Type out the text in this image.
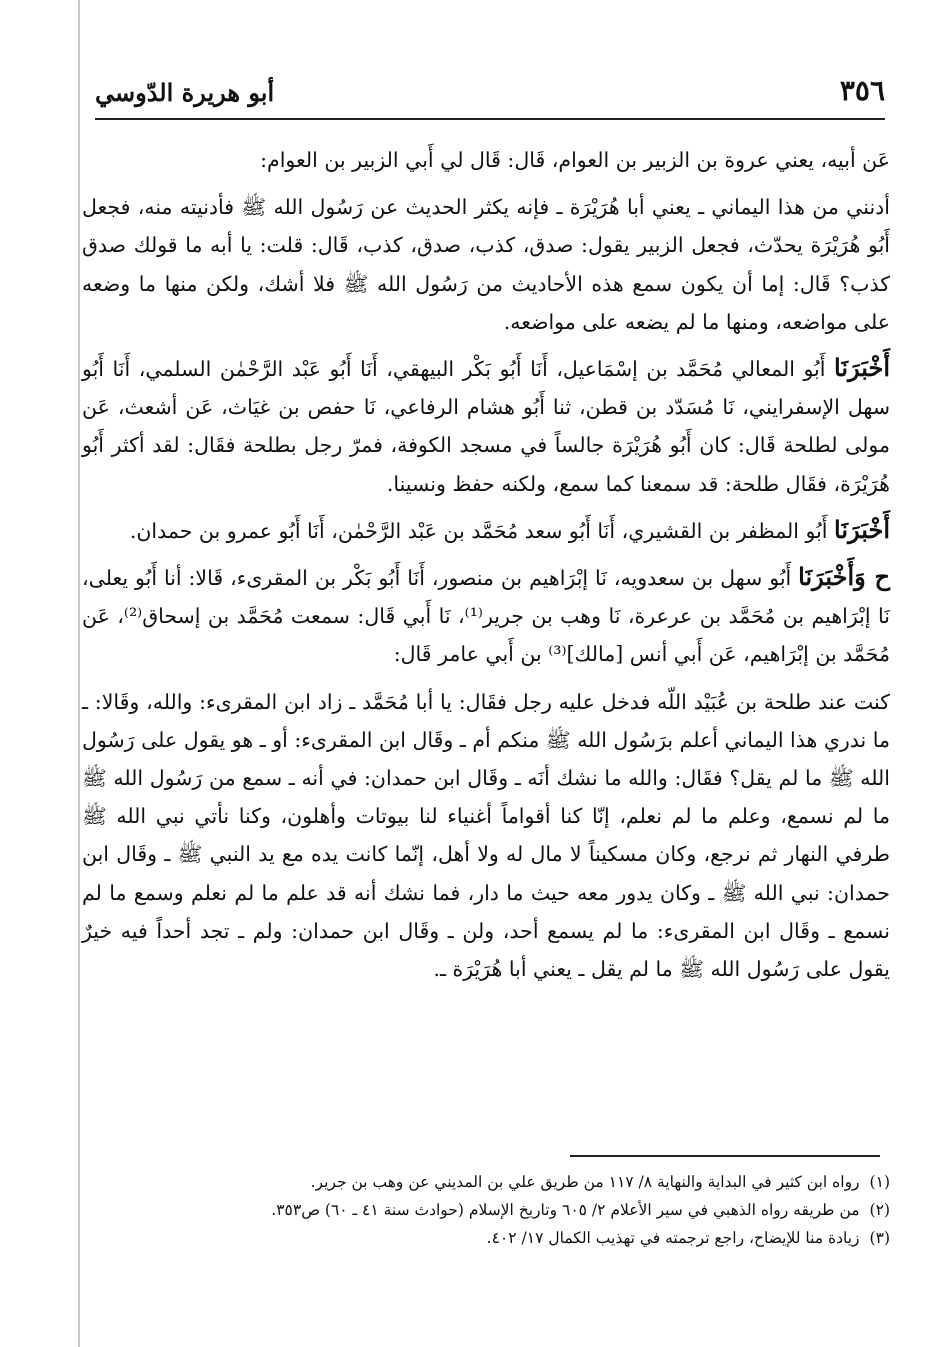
أبو هريرة الدّوسي	٣٥٦

عَن أبيه، يعني عروة بن الزبير بن العوام، قَال: قَال لي أَبي الزبير بن العوام:

أدنني من هذا اليماني ـ يعني أبا هُرَيْرَة ـ فإنه يكثر الحديث عن رَسُول الله ﷺ فأدنيته منه، فجعل أَبُو هُرَيْرَة يحدّث، فجعل الزبير يقول: صدق، كذب، صدق، كذب، قَال: قلت: يا أبه ما قولك صدق كذب؟ قَال: إما أن يكون سمع هذه الأحاديث من رَسُول الله ﷺ فلا أشك، ولكن منها ما وضعه على مواضعه، ومنها ما لم يضعه على مواضعه.

أَخْبَرَنَا أَبُو المعالي مُحَمَّد بن إسْمَاعيل، أَنَا أَبُو بَكْر البيهقي، أَنَا أَبُو عَبْد الرَّحْمٰن السلمي، أَنَا أَبُو سهل الإسفرايني، نَا مُسَدّد بن قطن، ثنا أَبُو هشام الرفاعي، نَا حفص بن غيَاث، عَن أشعث، عَن مولى لطلحة قَال: كان أَبُو هُرَيْرَة جالساً في مسجد الكوفة، فمرّ رجل بطلحة فقَال: لقد أكثر أَبُو هُرَيْرَة، فقَال طلحة: قد سمعنا كما سمع، ولكنه حفظ ونسينا.

أَخْبَرَنَا أَبُو المظفر بن القشيري، أَنَا أَبُو سعد مُحَمَّد بن عَبْد الرَّحْمٰن، أَنَا أَبُو عمرو بن حمدان.

ح وَأَخْبَرَنَا أَبُو سهل بن سعدويه، نَا إبْرَاهيم بن منصور، أَنَا أَبُو بَكْر بن المقرىء، قَالا: أنا أَبُو يعلى، نَا إبْرَاهيم بن مُحَمَّد بن عرعرة، نَا وهب بن جرير⁽¹⁾، نَا أَبي قَال: سمعت مُحَمَّد بن إسحاق⁽²⁾، عَن مُحَمَّد بن إبْرَاهيم، عَن أَبي أنس [مالك]⁽³⁾ بن أَبي عامر قَال:

كنت عند طلحة بن عُبَيْد اللّه فدخل عليه رجل فقَال: يا أبا مُحَمَّد ـ زاد ابن المقرىء: والله، وقَالا: ـ ما ندري هذا اليماني أعلم برَسُول الله ﷺ منكم أم ـ وقَال ابن المقرىء: أو ـ هو يقول على رَسُول الله ﷺ ما لم يقل؟ فقَال: والله ما نشك أنَه ـ وقَال ابن حمدان: في أنه ـ سمع من رَسُول الله ﷺ ما لم نسمع، وعلم ما لم نعلم، إنّا كنا أقواماً أغنياء لنا بيوتات وأهلون، وكنا نأتي نبي الله ﷺ طرفي النهار ثم نرجع، وكان مسكيناً لا مال له ولا أهل، إنّما كانت يده مع يد النبي ﷺ ـ وقَال ابن حمدان: نبي الله ﷺ ـ وكان يدور معه حيث ما دار، فما نشك أنه قد علم ما لم نعلم وسمع ما لم نسمع ـ وقَال ابن المقرىء: ما لم يسمع أحد، ولن ـ وقَال ابن حمدان: ولم ـ تجد أحداً فيه خيرٌ يقول على رَسُول الله ﷺ ما لم يقل ـ يعني أبا هُرَيْرَة ـ.

(١)
رواه ابن كثير في البداية والنهاية ٨/ ١١٧ من طريق علي بن المديني عن وهب بن جرير.
(٢)
من طريقه رواه الذهبي في سير الأعلام ٢/ ٦٠٥ وتاريخ الإسلام (حوادث سنة ٤١ ـ ٦٠) ص٣٥٣.
(٣)
زيادة منا للإيضاح، راجع ترجمته في تهذيب الكمال ١٧/ ٤٠٢.
